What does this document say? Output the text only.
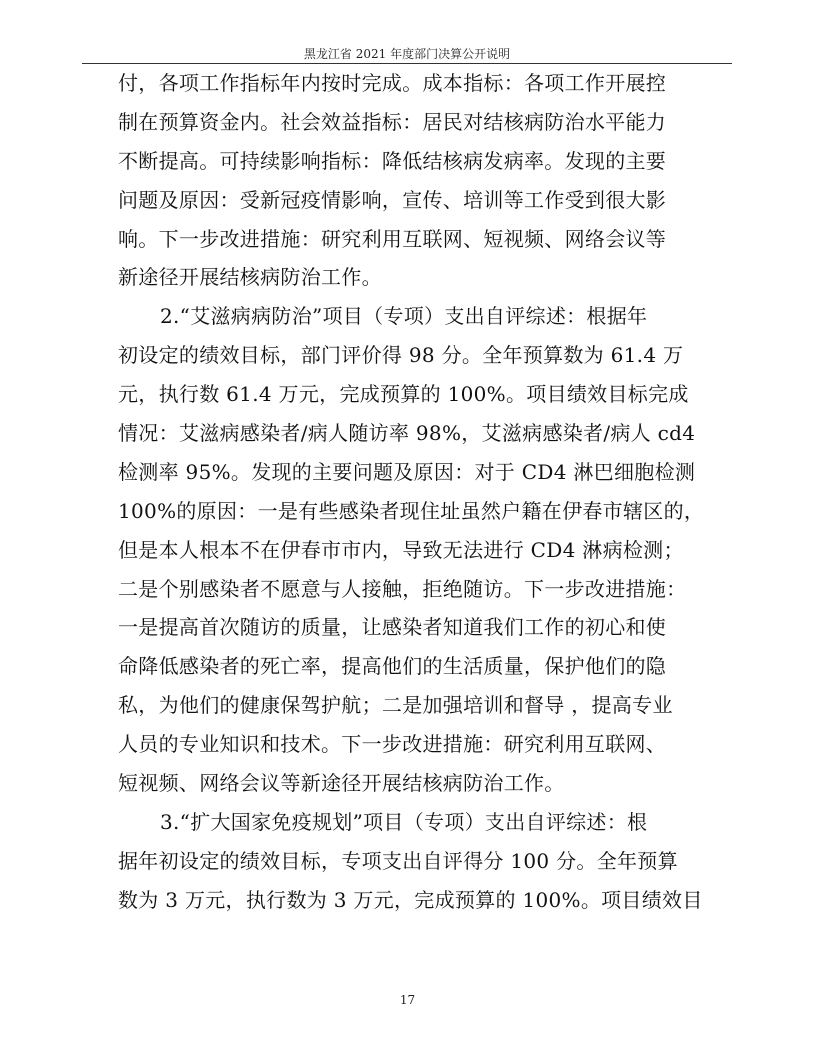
黑龙江省 2021 年度部门决算公开说明
付，各项工作指标年内按时完成。成本指标：各项工作开展控
制在预算资金内。社会效益指标：居民对结核病防治水平能力
不断提高。可持续影响指标：降低结核病发病率。发现的主要
问题及原因：受新冠疫情影响，宣传、培训等工作受到很大影
响。下一步改进措施：研究利用互联网、短视频、网络会议等
新途径开展结核病防治工作。
2.“艾滋病病防治”项目（专项）支出自评综述：根据年
初设定的绩效目标，部门评价得 98 分。全年预算数为 61.4 万
元，执行数 61.4 万元，完成预算的 100%。项目绩效目标完成
情况：艾滋病感染者/病人随访率 98%，艾滋病感染者/病人 cd4
检测率 95%。发现的主要问题及原因：对于 CD4 淋巴细胞检测
100%的原因：一是有些感染者现住址虽然户籍在伊春市辖区的，
但是本人根本不在伊春市市内，导致无法进行 CD4 淋病检测；
二是个别感染者不愿意与人接触，拒绝随访。下一步改进措施：
一是提高首次随访的质量，让感染者知道我们工作的初心和使
命降低感染者的死亡率，提高他们的生活质量，保护他们的隐
私，为他们的健康保驾护航；二是加强培训和督导 ，提高专业
人员的专业知识和技术。下一步改进措施：研究利用互联网、
短视频、网络会议等新途径开展结核病防治工作。
3.“扩大国家免疫规划”项目（专项）支出自评综述：根
据年初设定的绩效目标，专项支出自评得分 100 分。全年预算
数为 3 万元，执行数为 3 万元，完成预算的 100%。项目绩效目
17
